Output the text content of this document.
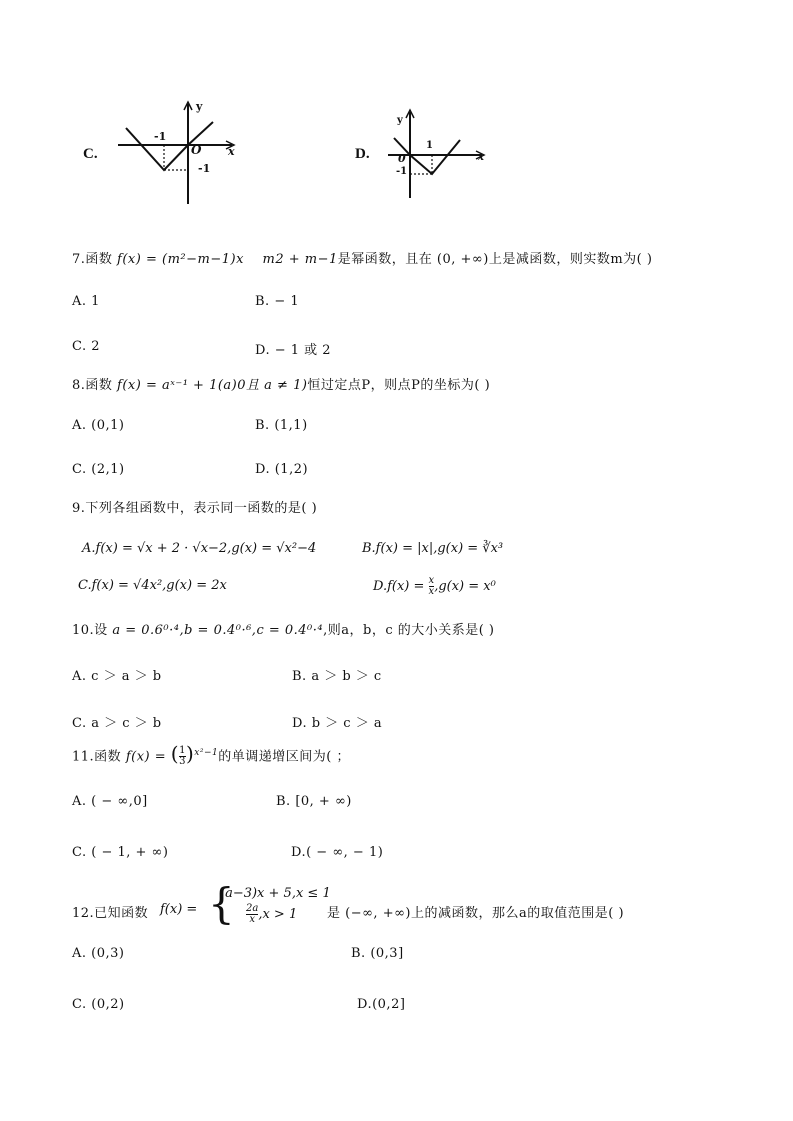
C.
y
x
O
-1
-1
D.
y
x
0
1
-1
7.函数 f(x) = (m²−m−1)x m2 + m−1是幂函数，且在 (0, +∞)上是减函数，则实数m为( )
A. 1	B. − 1
C. 2	D. − 1 或 2
8.函数 f(x) = aˣ⁻¹ + 1(a)0且 a ≠ 1)恒过定点P，则点P的坐标为( )
A. (0,1)	B. (1,1)
C. (2,1)	D. (1,2)
9.下列各组函数中，表示同一函数的是( )
A.f(x) = √x + 2 · √x−2,g(x) = √x²−4	B.f(x) = |x|,g(x) = ∛x³
C.f(x) = √4x²,g(x) = 2x	$D.f(x) = \frac{x}{x} ,g(x) = x^0$
10.设 a = 0.6⁰·⁴,b = 0.4⁰·⁶,c = 0.4⁰·⁴,则a，b，c 的大小关系是( )
A. c ＞ a ＞ b	B. a ＞ b ＞ c
C. a ＞ c ＞ b	D. b ＞ c ＞ a
11.函数 f(x) = ( $\frac{1}{3} )^{x^2-1}$的单调递增区间为( ；
A. ( − ∞,0]	B. [0, + ∞)
C. ( − 1, + ∞)	D.( − ∞, − 1)
12.已知函数 f(x) = {
(a−3)x + 5,x ≤ 1
$\frac{2a}{x} ,x > 1$ 是 (−∞, +∞)上的减函数，那么a的取值范围是( )
A. (0,3)	B. (0,3]
C. (0,2)	D.(0,2]
